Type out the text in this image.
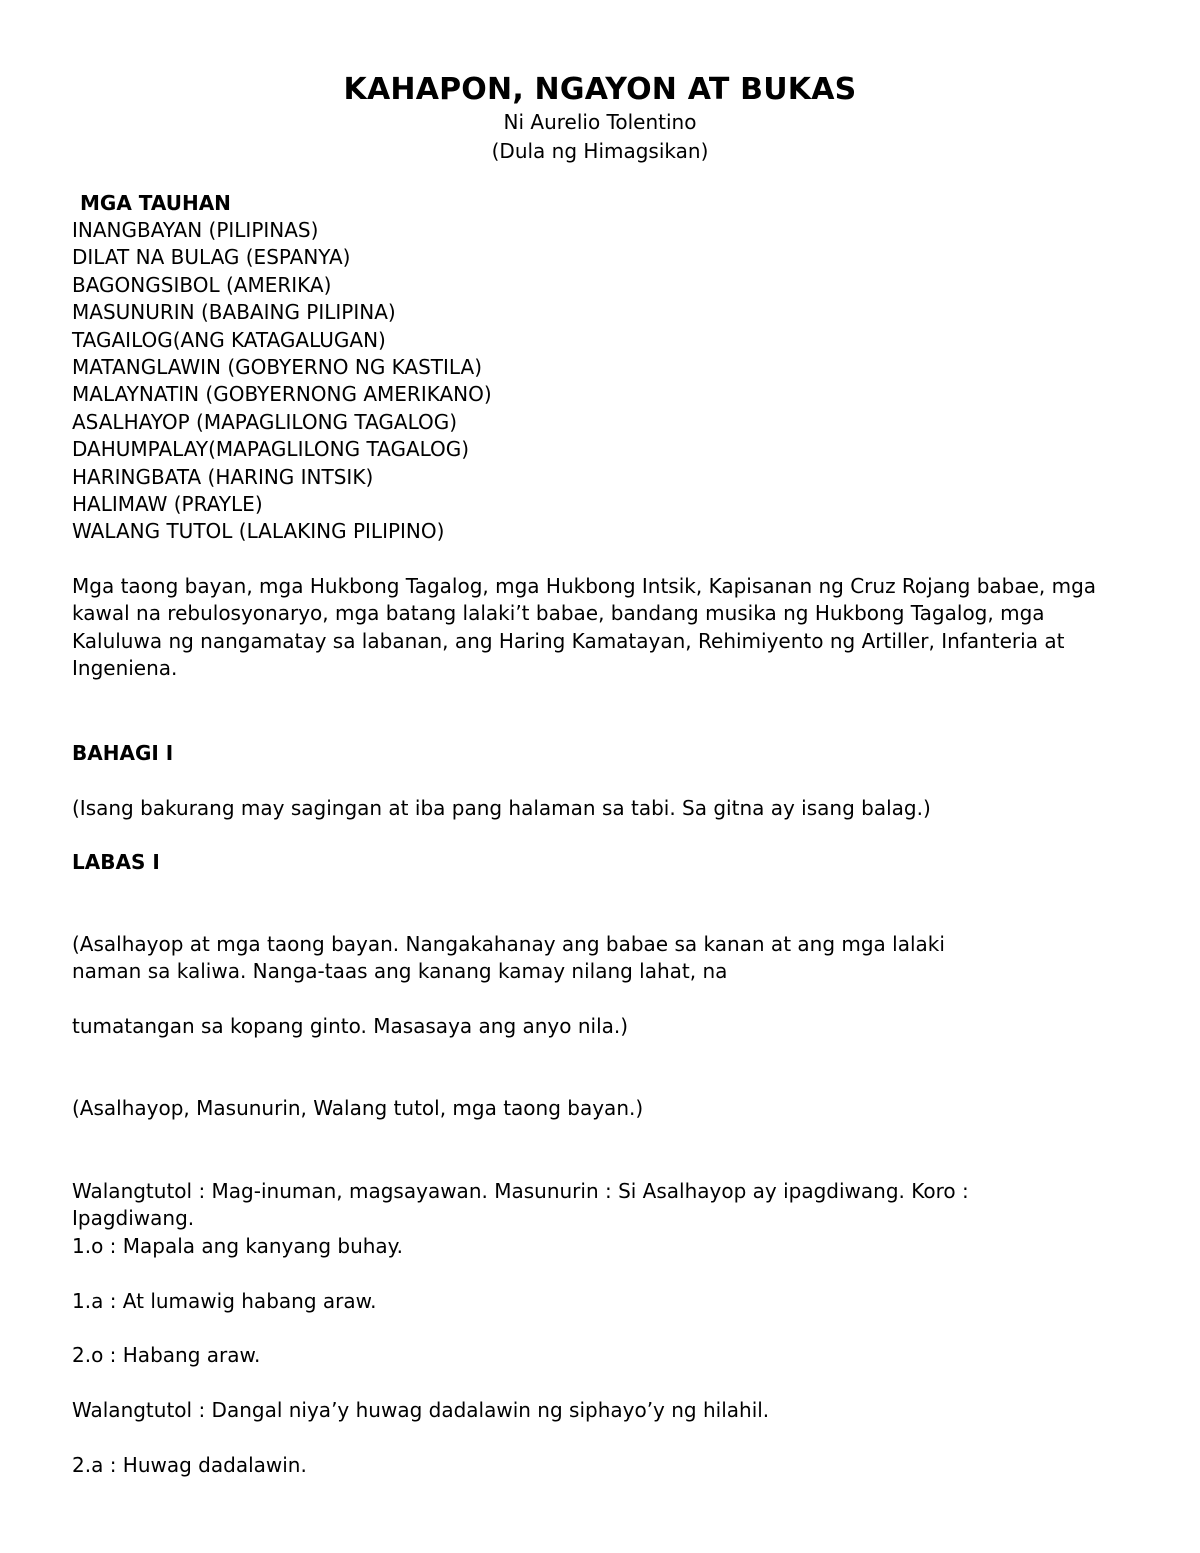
KAHAPON, NGAYON AT BUKAS
Ni Aurelio Tolentino
(Dula ng Himagsikan)
MGA TAUHAN
INANGBAYAN (PILIPINAS)
DILAT NA BULAG (ESPANYA)
BAGONGSIBOL (AMERIKA)
MASUNURIN (BABAING PILIPINA)
TAGAILOG(ANG KATAGALUGAN)
MATANGLAWIN (GOBYERNO NG KASTILA)
MALAYNATIN (GOBYERNONG AMERIKANO)
ASALHAYOP (MAPAGLILONG TAGALOG)
DAHUMPALAY(MAPAGLILONG TAGALOG)
HARINGBATA (HARING INTSIK)
HALIMAW (PRAYLE)
WALANG TUTOL (LALAKING PILIPINO)
Mga taong bayan, mga Hukbong Tagalog, mga Hukbong Intsik, Kapisanan ng Cruz Rojang babae, mga kawal na rebulosyonaryo, mga batang lalaki’t babae, bandang musika ng Hukbong Tagalog, mga Kaluluwa ng nangamatay sa labanan, ang Haring Kamatayan, Rehimiyento ng Artiller, Infanteria at Ingeniena.
BAHAGI I
(Isang bakurang may sagingan at iba pang halaman sa tabi. Sa gitna ay isang balag.)
LABAS I
(Asalhayop at mga taong bayan. Nangakahanay ang babae sa kanan at ang mga lalaki
naman sa kaliwa. Nanga-taas ang kanang kamay nilang lahat, na
tumatangan sa kopang ginto. Masasaya ang anyo nila.)
(Asalhayop, Masunurin, Walang tutol, mga taong bayan.)
Walangtutol : Mag-inuman, magsayawan. Masunurin : Si Asalhayop ay ipagdiwang. Koro :
Ipagdiwang.
1.o : Mapala ang kanyang buhay.
1.a : At lumawig habang araw.
2.o : Habang araw.
Walangtutol : Dangal niya’y huwag dadalawin ng siphayo’y ng hilahil.
2.a : Huwag dadalawin.
